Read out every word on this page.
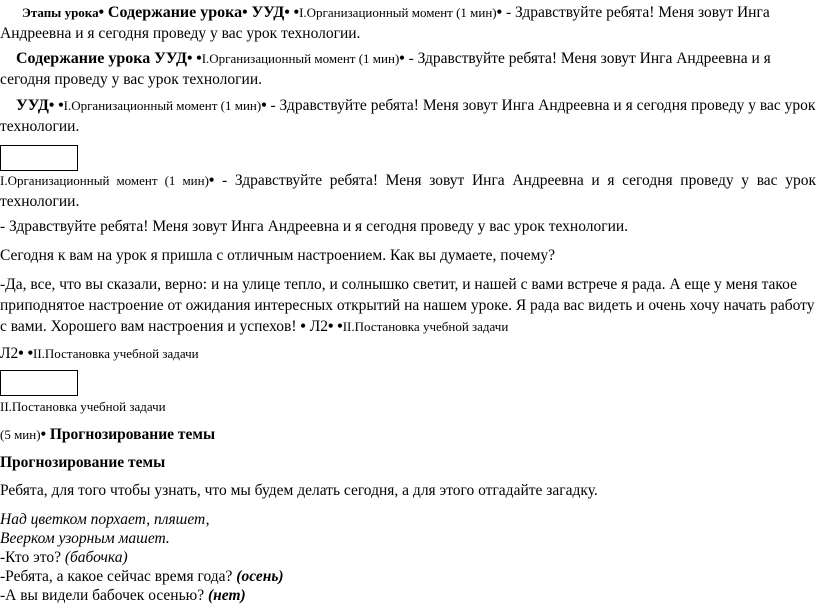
Этапы урока• Содержание урока• УУД• •I.Организационный момент (1 мин)• - Здравствуйте ребята! Меня зовут Инга Андреевна и я сегодня проведу у вас урок технологии.

Содержание урока УУД• •I.Организационный момент (1 мин)• - Здравствуйте ребята! Меня зовут Инга Андреевна и я сегодня проведу у вас урок технологии.

УУД• •I.Организационный момент (1 мин)• - Здравствуйте ребята! Меня зовут Инга Андреевна и я сегодня проведу у вас урок технологии.

I.Организационный момент (1 мин)• - Здравствуйте ребята! Меня зовут Инга Андреевна и я сегодня проведу у вас урок технологии.

- Здравствуйте ребята! Меня зовут Инга Андреевна и я сегодня проведу у вас урок технологии.

Сегодня к вам на урок я пришла с отличным настроением. Как вы думаете, почему?

-Да, все, что вы сказали, верно: и на улице тепло, и солнышко светит, и нашей с вами встрече я рада. А еще у меня такое приподнятое настроение от ожидания интересных открытий на нашем уроке. Я рада вас видеть и очень хочу начать работу с вами. Хорошего вам настроения и успехов! • Л2• •II.Постановка учебной задачи

Л2• •II.Постановка учебной задачи

II.Постановка учебной задачи

(5 мин)• Прогнозирование темы

Прогнозирование темы

Ребята, для того чтобы узнать, что мы будем делать сегодня, а для этого отгадайте загадку.

Над цветком порхает, пляшет,
Веерком узорным машет.
-Кто это? (бабочка)
-Ребята, а какое сейчас время года? (осень)
-А вы видели бабочек осенью? (нет)
